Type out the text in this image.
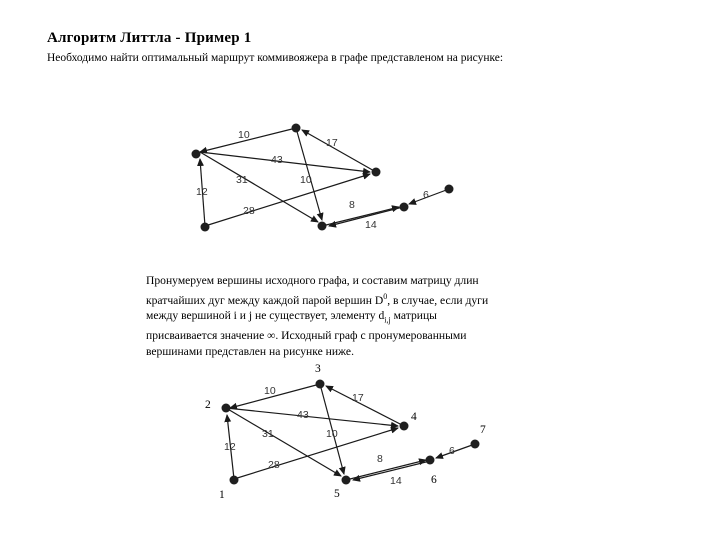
Алгоритм Литтла - Пример 1
Необходимо найти оптимальный маршрут коммивояжера в графе представленом на рисунке:
10
17
43
31	10
12
28	8
6
14
Пронумеруем вершины исходного графа, и составим матрицу длин
кратчайших дуг между каждой парой вершин $D^0$, в случае, если дуги
между вершиной i и j не существует, элементу $d_{i,j}$ матрицы
присваивается значение ∞. Исходный граф с пронумерованными
вершинами представлен на рисунке ниже.
10
17
43
31	10
12
28	8
6
14
1
2
3
4
5
6
7
